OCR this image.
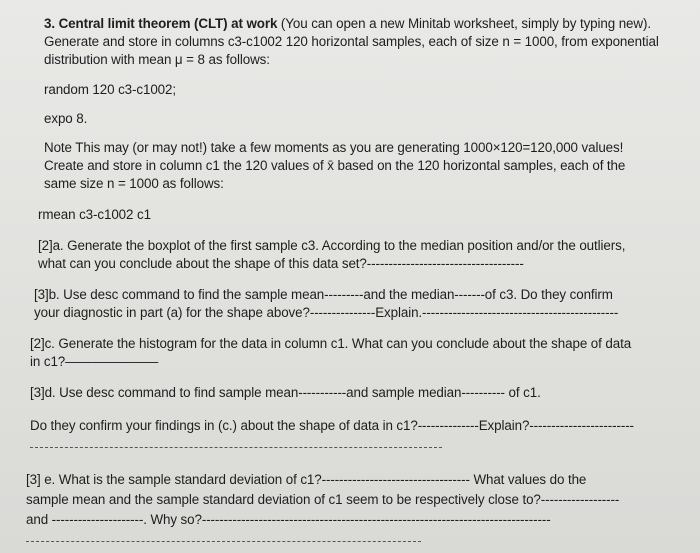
3. Central limit theorem (CLT) at work (You can open a new Minitab worksheet, simply by typing new).
Generate and store in columns c3-c1002 120 horizontal samples, each of size n = 1000, from exponential
distribution with mean μ = 8 as follows:
random 120 c3-c1002;
expo 8.
Note This may (or may not!) take a few moments as you are generating 1000×120=120,000 values!
Create and store in column c1 the 120 values of x̄ based on the 120 horizontal samples, each of the
same size n = 1000 as follows:
rmean c3-c1002 c1
[2]a. Generate the boxplot of the first sample c3. According to the median position and/or the outliers,
what can you conclude about the shape of this data set?------------------------------------
[3]b. Use desc command to find the sample mean---------and the median-------of c3. Do they confirm
your diagnostic in part (a) for the shape above?---------------Explain.---------------------------------------------
[2]c. Generate the histogram for the data in column c1. What can you conclude about the shape of data
in c1?———————
[3]d. Use desc command to find sample mean-----------and sample median---------- of c1.
Do they confirm your findings in (c.) about the shape of data in c1?--------------Explain?------------------------
[3] e. What is the sample standard deviation of c1?---------------------------------- What values do the
sample mean and the sample standard deviation of c1 seem to be respectively close to?------------------
and ---------------------. Why so?--------------------------------------------------------------------------------
